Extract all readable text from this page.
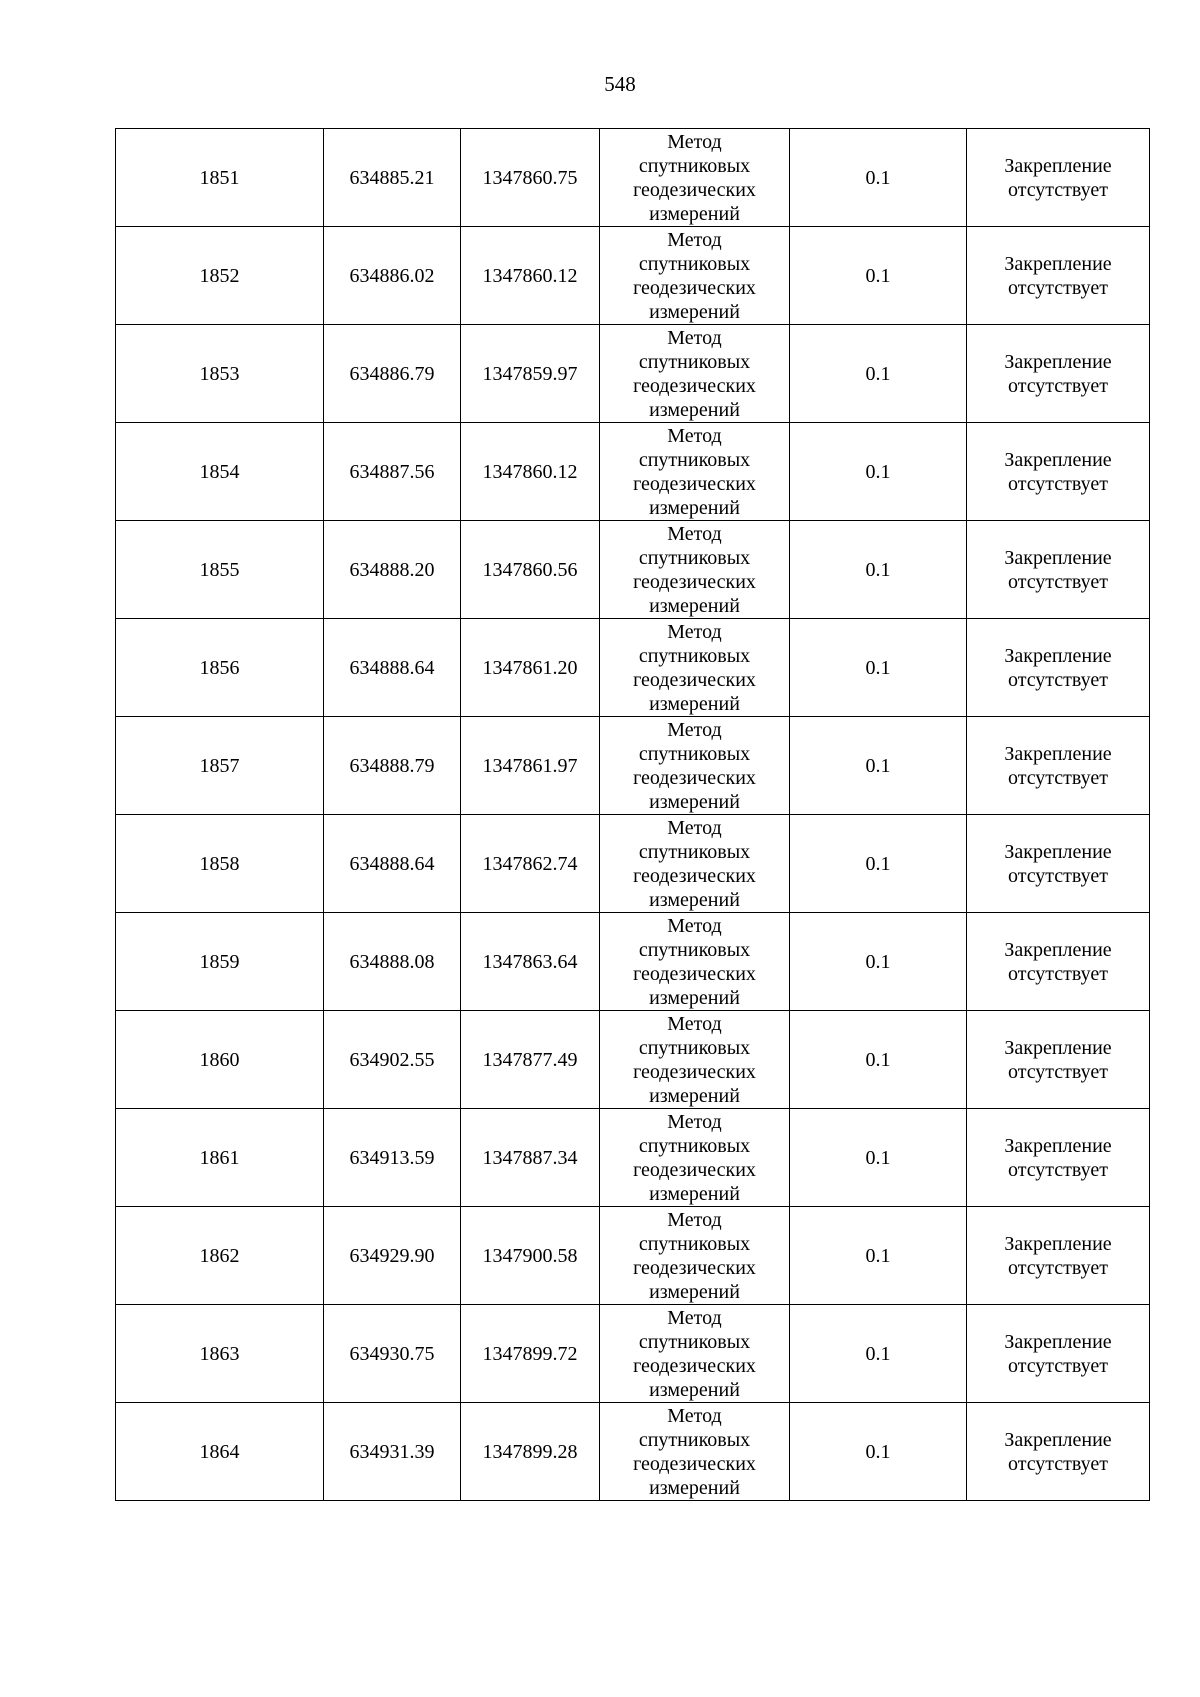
548
1851	634885.21	1347860.75	Метод спутниковых геодезических измерений	0.1	Закрепление отсутствует
1852	634886.02	1347860.12	Метод спутниковых геодезических измерений	0.1	Закрепление отсутствует
1853	634886.79	1347859.97	Метод спутниковых геодезических измерений	0.1	Закрепление отсутствует
1854	634887.56	1347860.12	Метод спутниковых геодезических измерений	0.1	Закрепление отсутствует
1855	634888.20	1347860.56	Метод спутниковых геодезических измерений	0.1	Закрепление отсутствует
1856	634888.64	1347861.20	Метод спутниковых геодезических измерений	0.1	Закрепление отсутствует
1857	634888.79	1347861.97	Метод спутниковых геодезических измерений	0.1	Закрепление отсутствует
1858	634888.64	1347862.74	Метод спутниковых геодезических измерений	0.1	Закрепление отсутствует
1859	634888.08	1347863.64	Метод спутниковых геодезических измерений	0.1	Закрепление отсутствует
1860	634902.55	1347877.49	Метод спутниковых геодезических измерений	0.1	Закрепление отсутствует
1861	634913.59	1347887.34	Метод спутниковых геодезических измерений	0.1	Закрепление отсутствует
1862	634929.90	1347900.58	Метод спутниковых геодезических измерений	0.1	Закрепление отсутствует
1863	634930.75	1347899.72	Метод спутниковых геодезических измерений	0.1	Закрепление отсутствует
1864	634931.39	1347899.28	Метод спутниковых геодезических измерений	0.1	Закрепление отсутствует
